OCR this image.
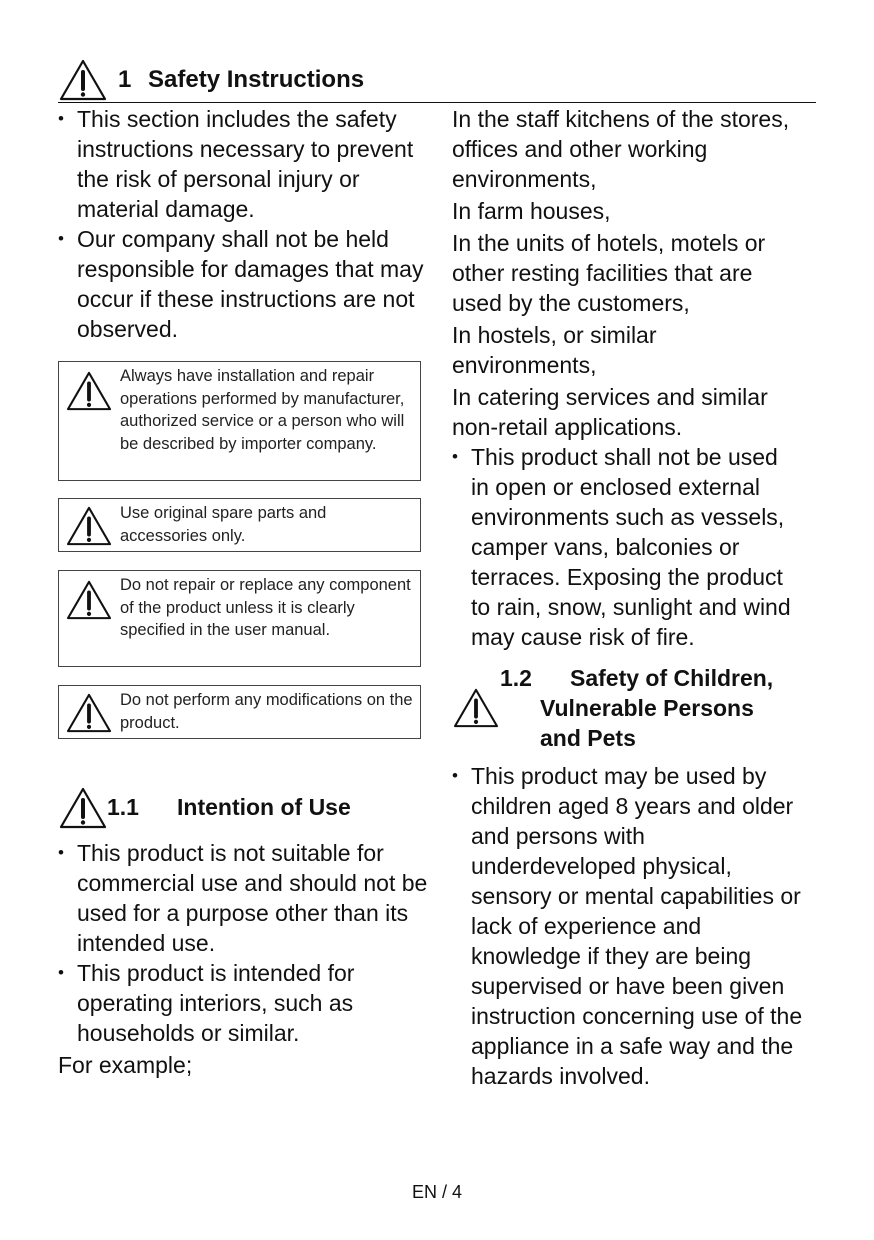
1 Safety Instructions
• This section includes the safety instructions necessary to prevent the risk of personal injury or material damage.
• Our company shall not be held responsible for damages that may occur if these instructions are not observed.
Always have installation and repair operations performed by manufacturer, authorized service or a person who will be described by importer company.
Use original spare parts and accessories only.
Do not repair or replace any component of the product unless it is clearly specified in the user manual.
Do not perform any modifications on the product.
1.1 Intention of Use
• This product is not suitable for commercial use and should not be used for a purpose other than its intended use.
• This product is intended for operating interiors, such as households or similar.

For example;

In the staff kitchens of the stores, offices and other working environments,

In farm houses,

In the units of hotels, motels or other resting facilities that are used by the customers,

In hostels, or similar environments,

In catering services and similar non-retail applications.

• This product shall not be used in open or enclosed external environments such as vessels, camper vans, balconies or terraces. Exposing the product to rain, snow, sunlight and wind may cause risk of fire.
1.2 Safety of Children,
Vulnerable Persons
and Pets
• This product may be used by children aged 8 years and older and persons with underdeveloped physical, sensory or mental capabilities or lack of experience and knowledge if they are being supervised or have been given instruction concerning use of the appliance in a safe way and the hazards involved.
EN / 4
